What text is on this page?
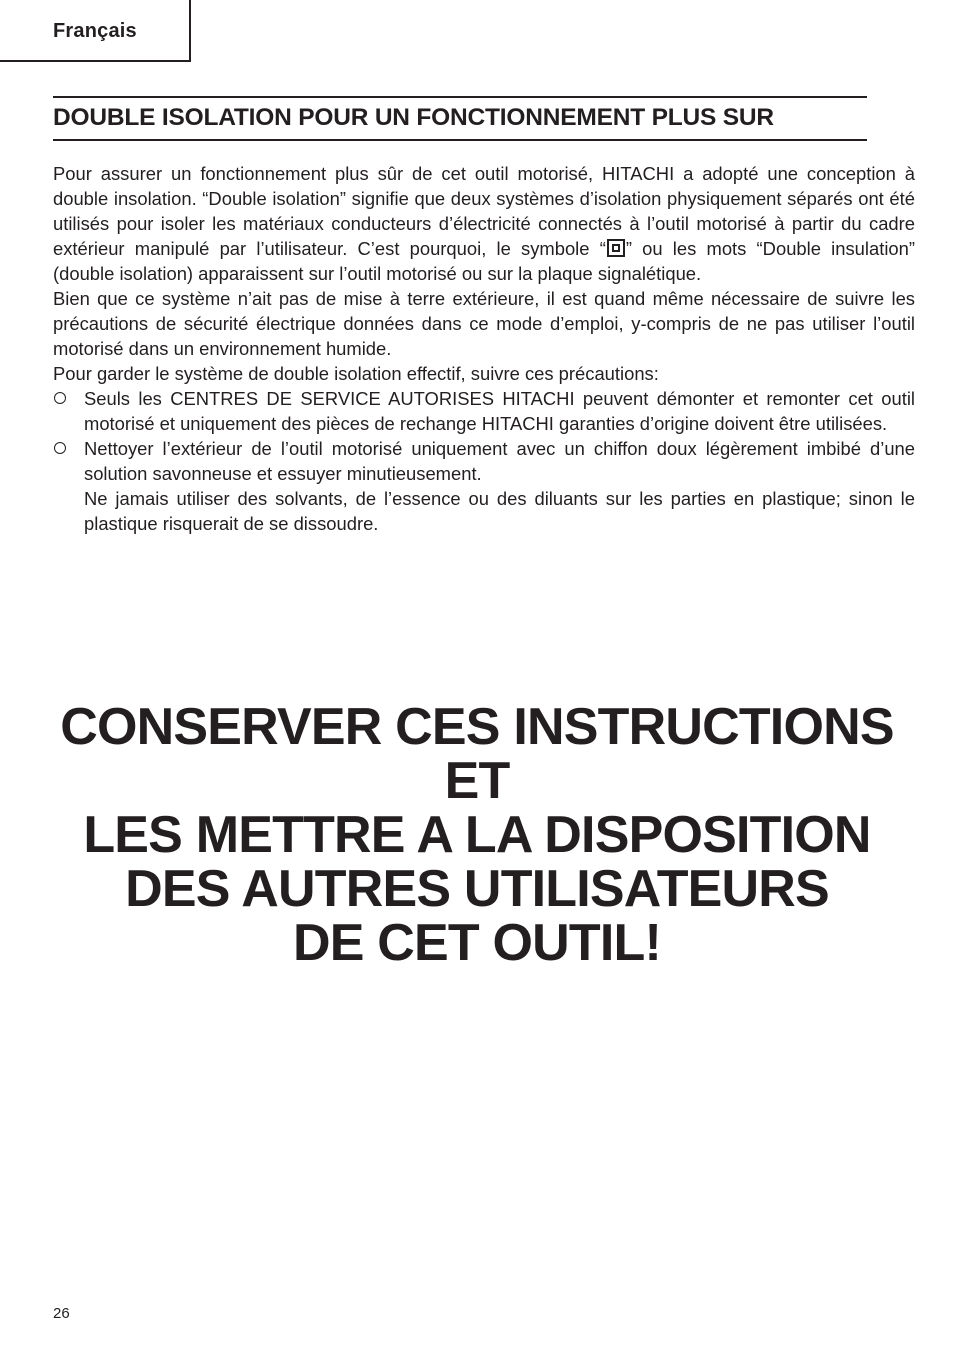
Français
DOUBLE ISOLATION POUR UN FONCTIONNEMENT PLUS SUR

Pour assurer un fonctionnement plus sûr de cet outil motorisé, HITACHI a adopté une conception à double insolation. “Double isolation” signifie que deux systèmes d’isolation physiquement séparés ont été utilisés pour isoler les matériaux conducteurs d’électricité connectés à l’outil motorisé à partir du cadre extérieur manipulé par l’utilisateur. C’est pourquoi, le symbole “ ” ou les mots “Double insulation” (double isolation) apparaissent sur l’outil motorisé ou sur la plaque signalétique.

Bien que ce système n’ait pas de mise à terre extérieure, il est quand même nécessaire de suivre les précautions de sécurité électrique données dans ce mode d’emploi, y-compris de ne pas utiliser l’outil motorisé dans un environnement humide.

Pour garder le système de double isolation effectif, suivre ces précautions:

Seuls les CENTRES DE SERVICE AUTORISES HITACHI peuvent démonter et remonter cet outil motorisé et uniquement des pièces de rechange HITACHI garanties d’origine doivent être utilisées.

Nettoyer l’extérieur de l’outil motorisé uniquement avec un chiffon doux légèrement imbibé d’une solution savonneuse et essuyer minutieusement.

Ne jamais utiliser des solvants, de l’essence ou des diluants sur les parties en plastique; sinon le plastique risquerait de se dissoudre.

CONSERVER CES INSTRUCTIONS
ET
LES METTRE A LA DISPOSITION
DES AUTRES UTILISATEURS
DE CET OUTIL!
26
